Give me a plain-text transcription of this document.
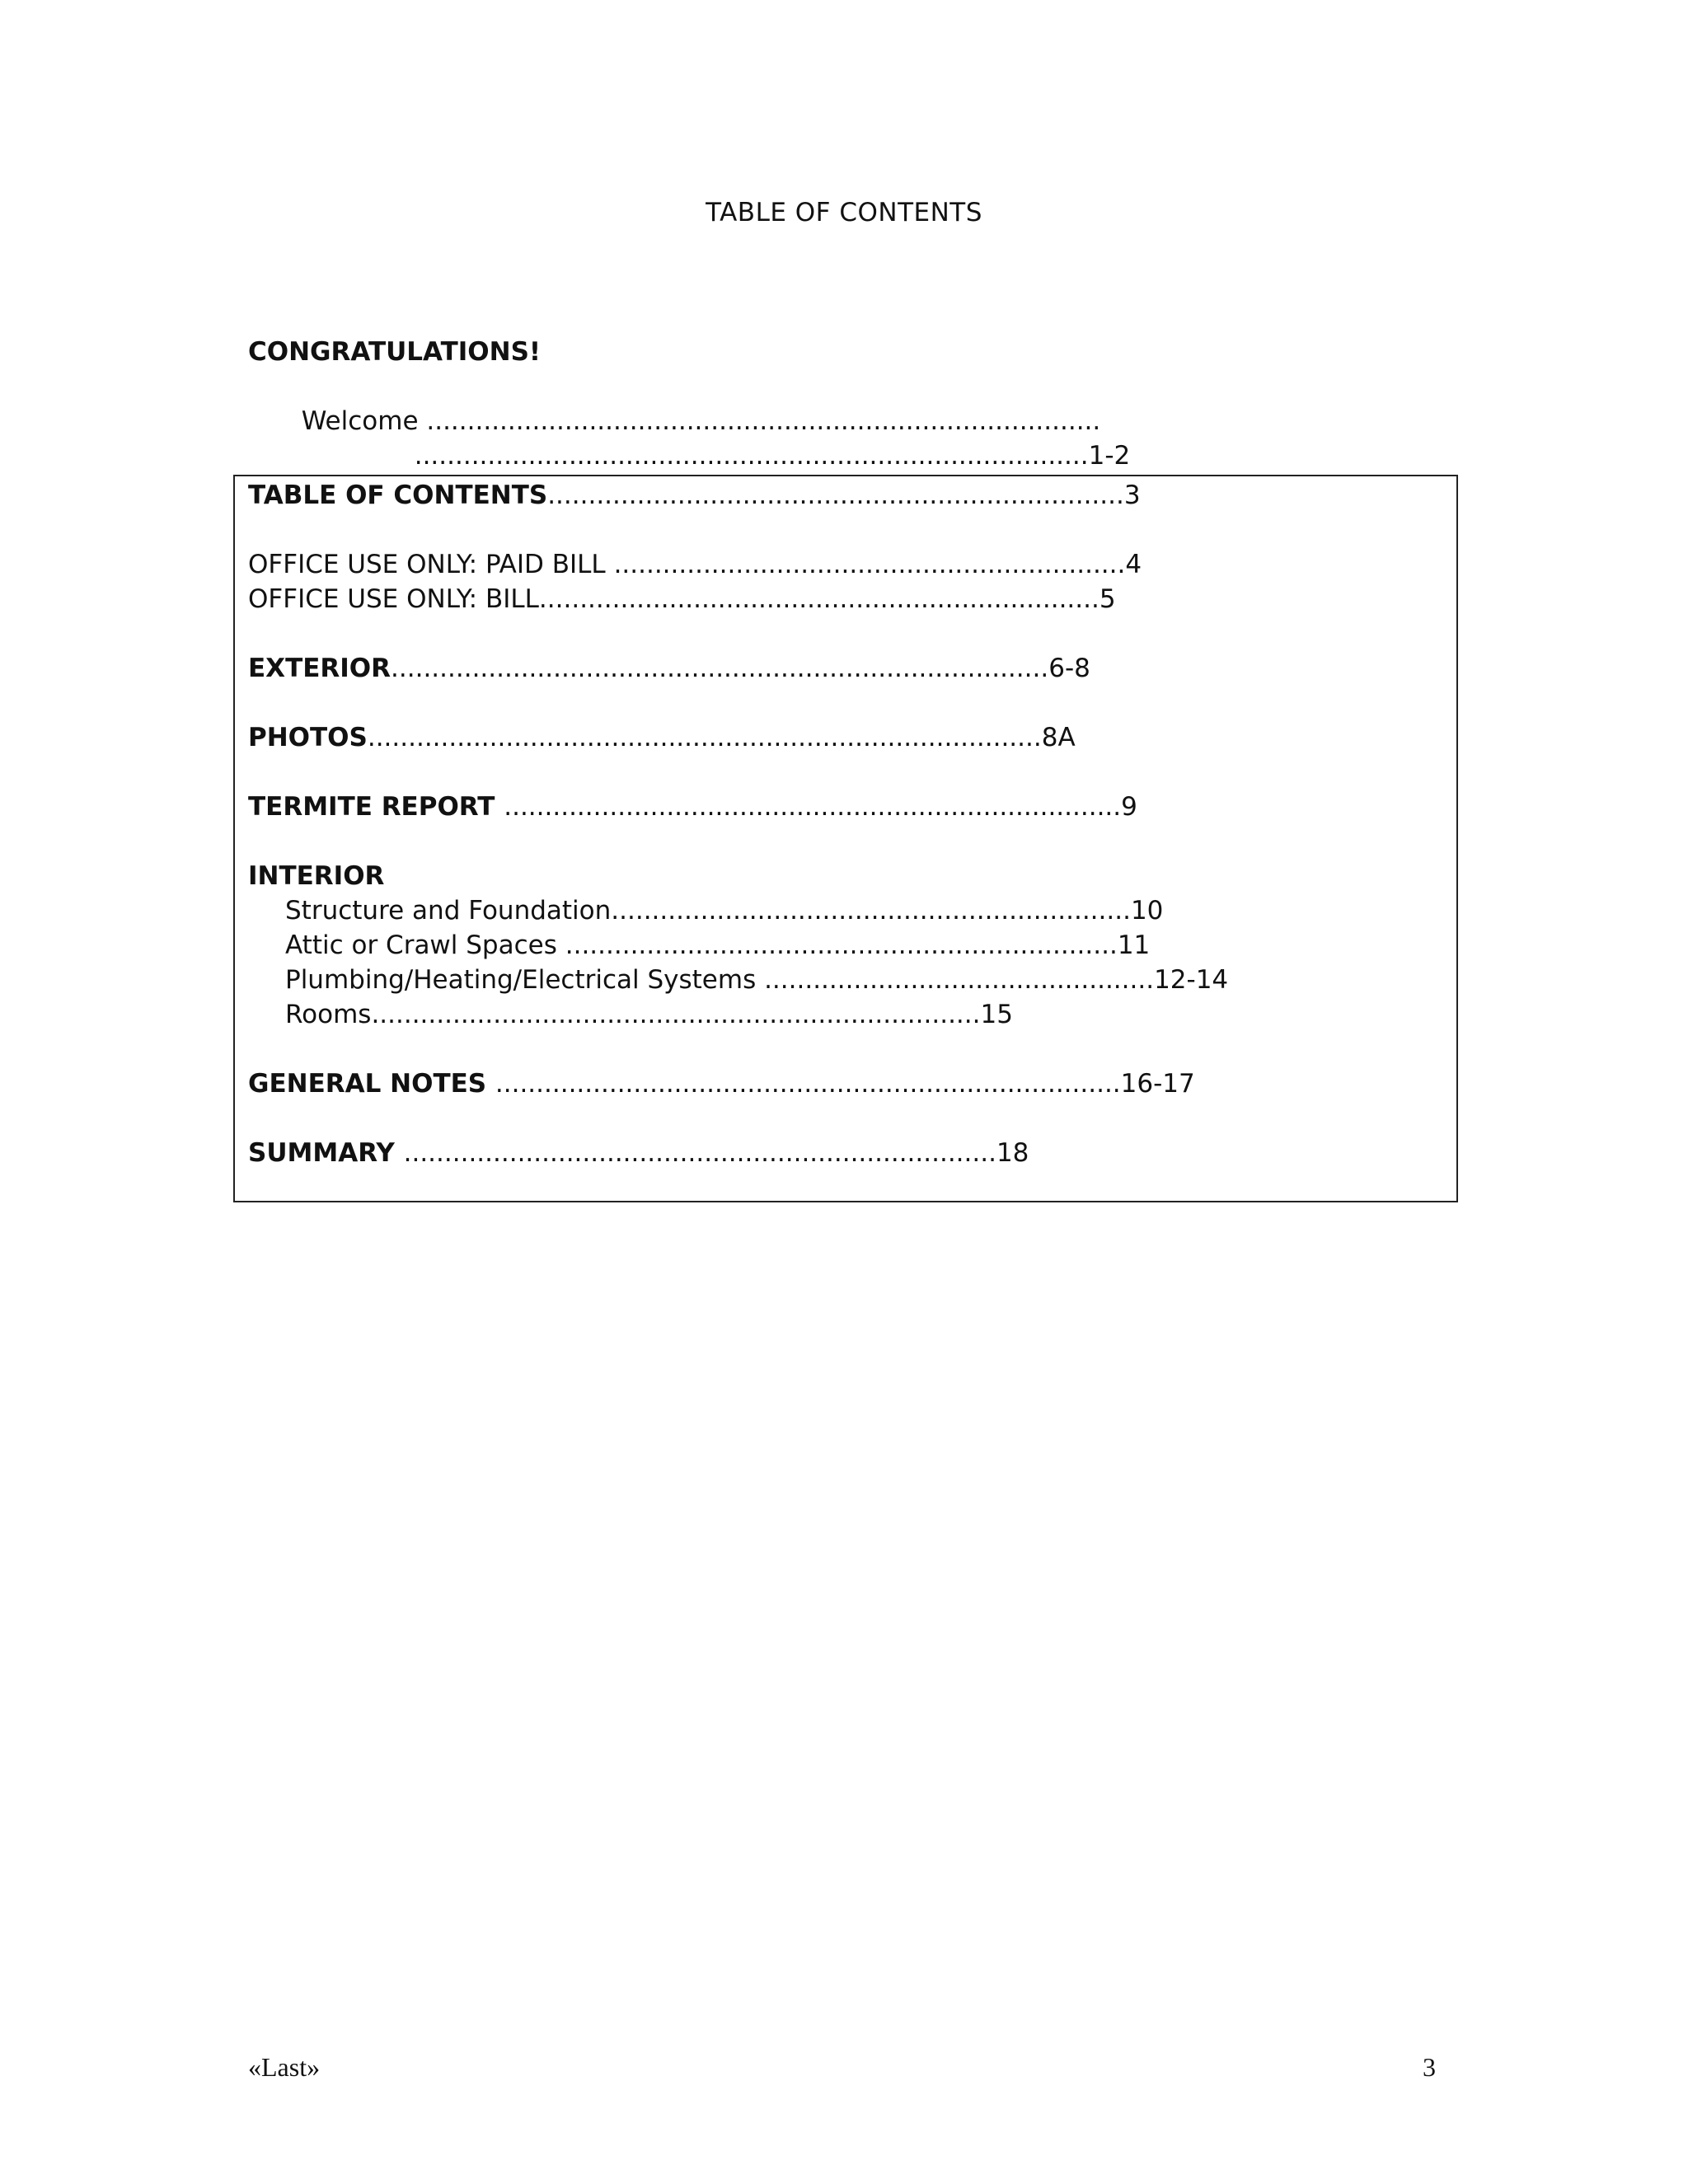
TABLE OF CONTENTS
CONGRATULATIONS!

Welcome ...................................................................................

...................................................................................1-2

TABLE OF CONTENTS.......................................................................3
OFFICE USE ONLY: PAID BILL ...............................................................4
OFFICE USE ONLY: BILL.....................................................................5
EXTERIOR.................................................................................6-8
PHOTOS...................................................................................8A
TERMITE REPORT ............................................................................9
INTERIOR
Structure and Foundation................................................................10
Attic or Crawl Spaces ....................................................................11
Plumbing/Heating/Electrical Systems ................................................12-14
Rooms...........................................................................15
GENERAL NOTES .............................................................................16-17
SUMMARY .........................................................................18
«Last»	3
